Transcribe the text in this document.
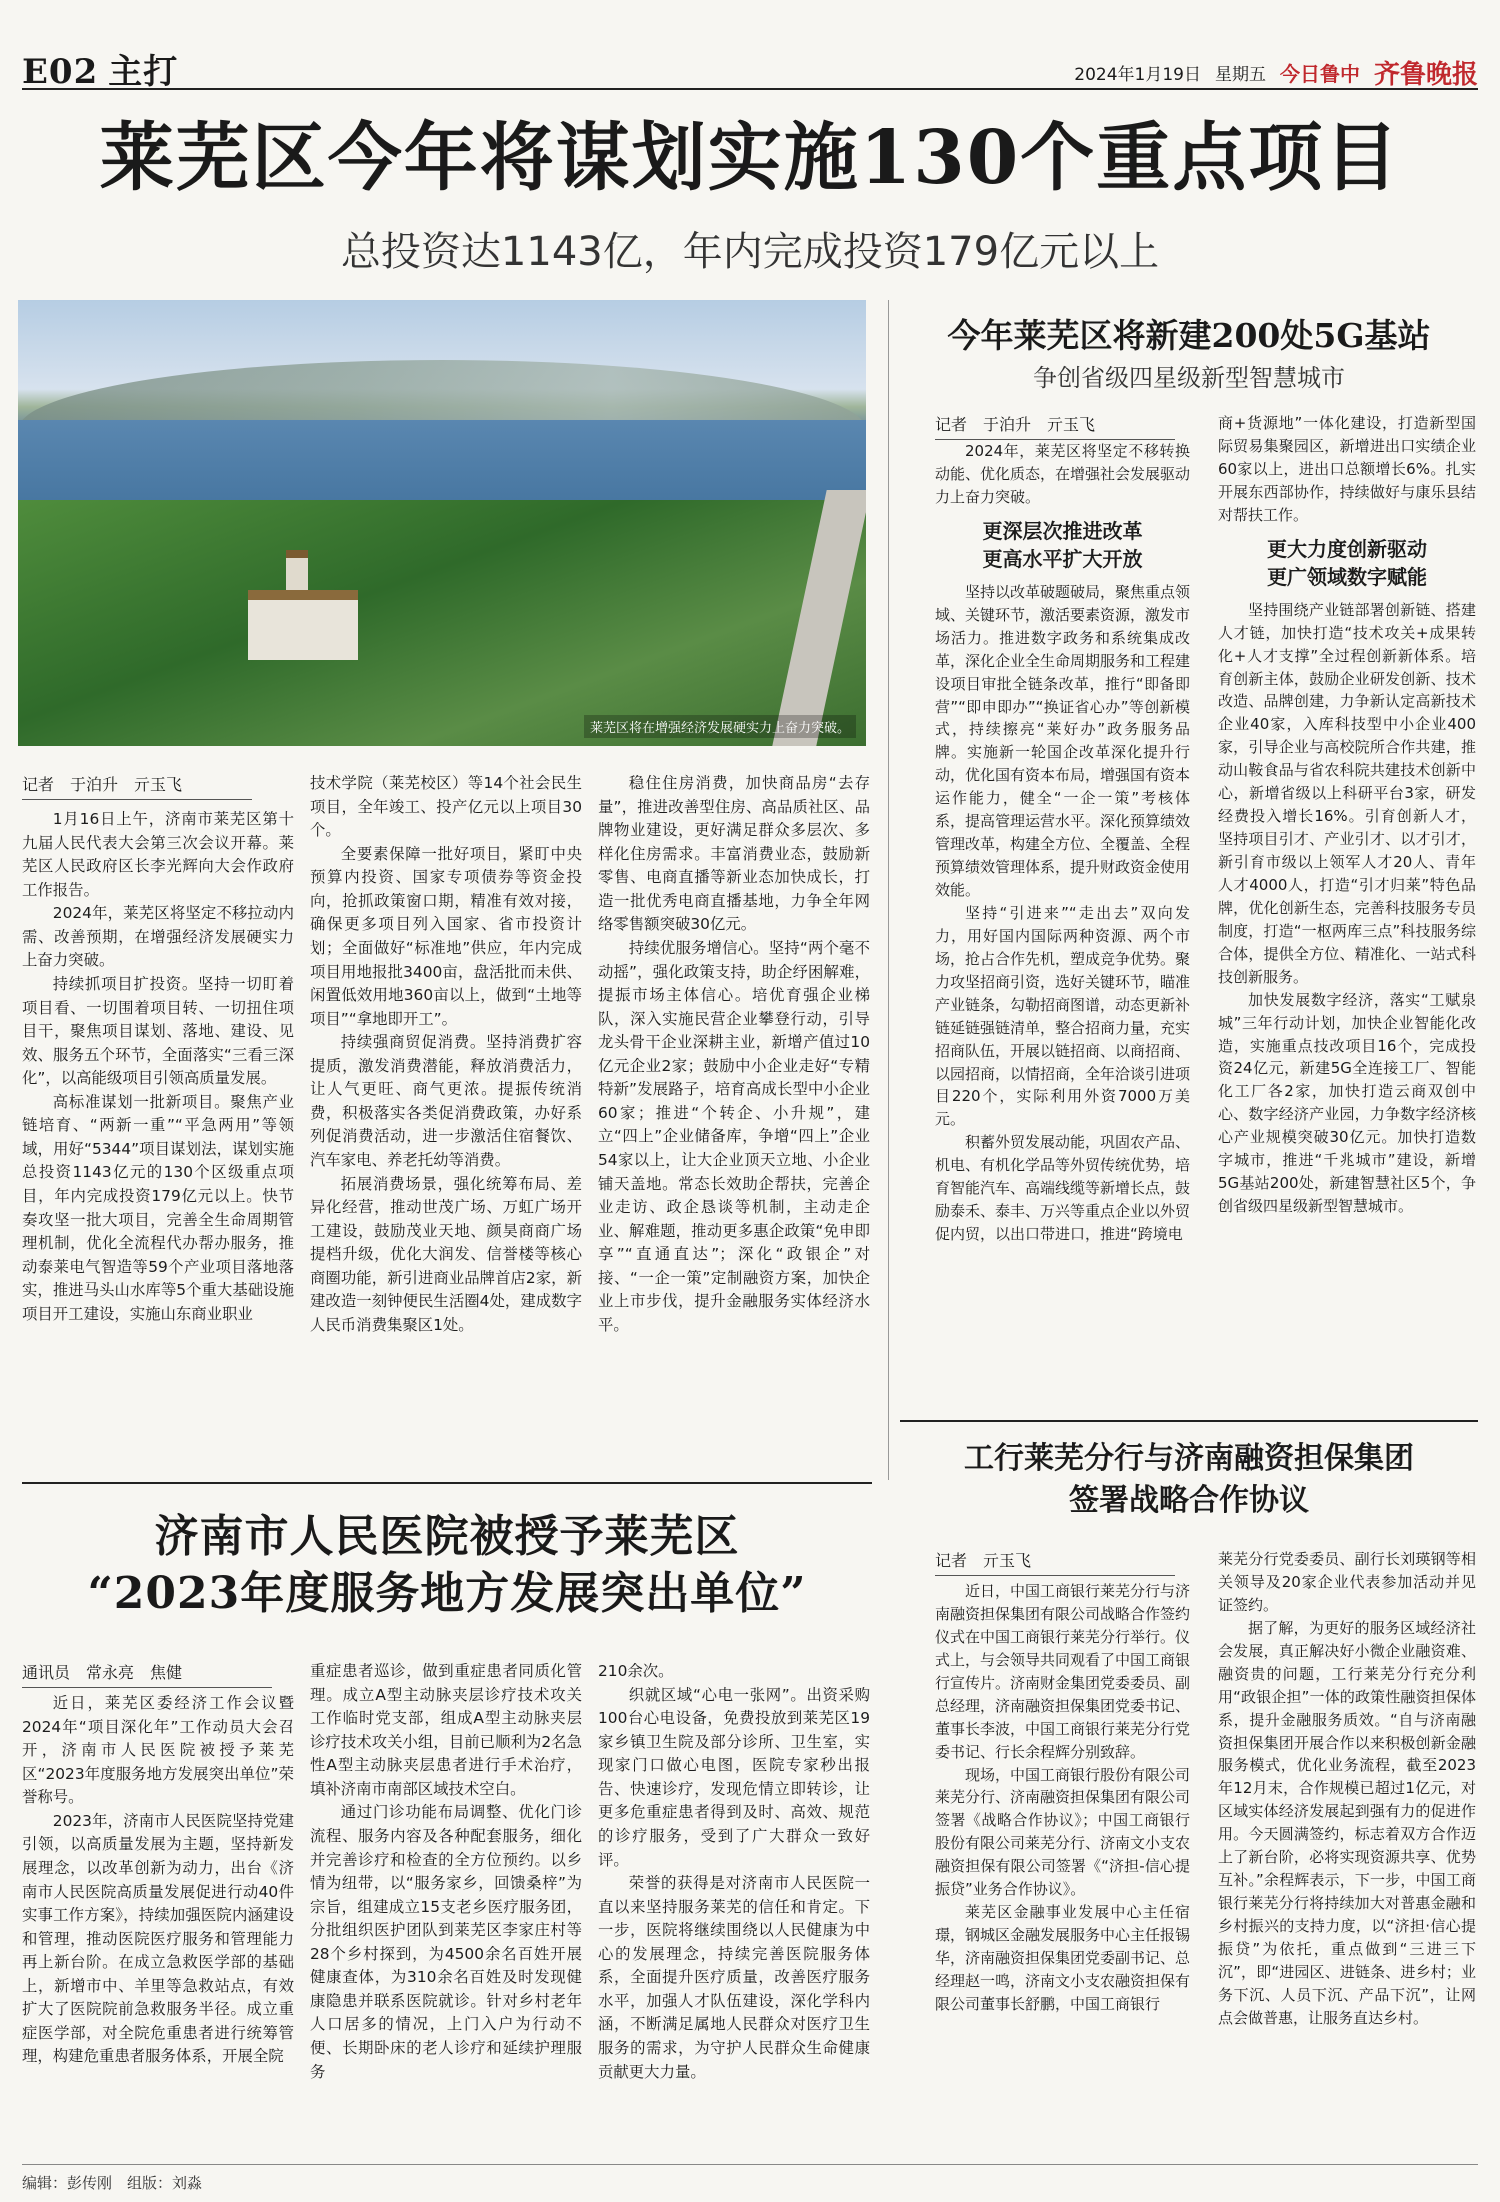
E02 主打	2024年1月19日 星期五 今日鲁中 齐鲁晚报
莱芜区今年将谋划实施130个重点项目
总投资达1143亿，年内完成投资179亿元以上
莱芜区将在增强经济发展硬实力上奋力突破。
记者　于泊升　亓玉飞

1月16日上午，济南市莱芜区第十九届人民代表大会第三次会议开幕。莱芜区人民政府区长李光辉向大会作政府工作报告。

2024年，莱芜区将坚定不移拉动内需、改善预期，在增强经济发展硬实力上奋力突破。

持续抓项目扩投资。坚持一切盯着项目看、一切围着项目转、一切扭住项目干，聚焦项目谋划、落地、建设、见效、服务五个环节，全面落实“三看三深化”，以高能级项目引领高质量发展。

高标准谋划一批新项目。聚焦产业链培育、“两新一重”“平急两用”等领域，用好“5344”项目谋划法，谋划实施总投资1143亿元的130个区级重点项目，年内完成投资179亿元以上。快节奏攻坚一批大项目，完善全生命周期管理机制，优化全流程代办帮办服务，推动泰莱电气智造等59个产业项目落地落实，推进马头山水库等5个重大基础设施项目开工建设，实施山东商业职业

技术学院（莱芜校区）等14个社会民生项目，全年竣工、投产亿元以上项目30个。

全要素保障一批好项目，紧盯中央预算内投资、国家专项债券等资金投向，抢抓政策窗口期，精准有效对接，确保更多项目列入国家、省市投资计划；全面做好“标准地”供应，年内完成项目用地报批3400亩，盘活批而未供、闲置低效用地360亩以上，做到“土地等项目”“拿地即开工”。

持续强商贸促消费。坚持消费扩容提质，激发消费潜能，释放消费活力，让人气更旺、商气更浓。提振传统消费，积极落实各类促消费政策，办好系列促消费活动，进一步激活住宿餐饮、汽车家电、养老托幼等消费。

拓展消费场景，强化统筹布局、差异化经营，推动世茂广场、万虹广场开工建设，鼓励茂业天地、颜昊商商广场提档升级，优化大润发、信誉楼等核心商圈功能，新引进商业品牌首店2家，新建改造一刻钟便民生活圈4处，建成数字人民币消费集聚区1处。

稳住住房消费，加快商品房“去存量”，推进改善型住房、高品质社区、品牌物业建设，更好满足群众多层次、多样化住房需求。丰富消费业态，鼓励新零售、电商直播等新业态加快成长，打造一批优秀电商直播基地，力争全年网络零售额突破30亿元。

持续优服务增信心。坚持“两个毫不动摇”，强化政策支持，助企纾困解难，提振市场主体信心。培优育强企业梯队，深入实施民营企业攀登行动，引导龙头骨干企业深耕主业，新增产值过10亿元企业2家；鼓励中小企业走好“专精特新”发展路子，培育高成长型中小企业60家；推进“个转企、小升规”，建立“四上”企业储备库，争增“四上”企业54家以上，让大企业顶天立地、小企业铺天盖地。常态长效助企帮扶，完善企业走访、政企恳谈等机制，主动走企业、解难题，推动更多惠企政策“免申即享”“直通直达”；深化“政银企”对接、“一企一策”定制融资方案，加快企业上市步伐，提升金融服务实体经济水平。

今年莱芜区将新建200处5G基站
争创省级四星级新型智慧城市
记者　于泊升　亓玉飞

2024年，莱芜区将坚定不移转换动能、优化质态，在增强社会发展驱动力上奋力突破。

更深层次推进改革
更高水平扩大开放

坚持以改革破题破局，聚焦重点领域、关键环节，激活要素资源，激发市场活力。推进数字政务和系统集成改革，深化企业全生命周期服务和工程建设项目审批全链条改革，推行“即备即营”“即申即办”“换证省心办”等创新模式，持续擦亮“莱好办”政务服务品牌。实施新一轮国企改革深化提升行动，优化国有资本布局，增强国有资本运作能力，健全“一企一策”考核体系，提高管理运营水平。深化预算绩效管理改革，构建全方位、全覆盖、全程预算绩效管理体系，提升财政资金使用效能。

坚持“引进来”“走出去”双向发力，用好国内国际两种资源、两个市场，抢占合作先机，塑成竞争优势。聚力攻坚招商引资，选好关键环节，瞄准产业链条，勾勒招商图谱，动态更新补链延链强链清单，整合招商力量，充实招商队伍，开展以链招商、以商招商、以园招商，以情招商，全年洽谈引进项目220个，实际利用外资7000万美元。

积蓄外贸发展动能，巩固农产品、机电、有机化学品等外贸传统优势，培育智能汽车、高端线缆等新增长点，鼓励泰禾、泰丰、万兴等重点企业以外贸促内贸，以出口带进口，推进“跨境电

商+货源地”一体化建设，打造新型国际贸易集聚园区，新增进出口实绩企业60家以上，进出口总额增长6%。扎实开展东西部协作，持续做好与康乐县结对帮扶工作。

更大力度创新驱动
更广领域数字赋能

坚持围绕产业链部署创新链、搭建人才链，加快打造“技术攻关+成果转化+人才支撑”全过程创新新体系。培育创新主体，鼓励企业研发创新、技术改造、品牌创建，力争新认定高新技术企业40家，入库科技型中小企业400家，引导企业与高校院所合作共建，推动山鞍食品与省农科院共建技术创新中心，新增省级以上科研平台3家，研发经费投入增长16%。引育创新人才，坚持项目引才、产业引才、以才引才，新引育市级以上领军人才20人、青年人才4000人，打造“引才归莱”特色品牌，优化创新生态，完善科技服务专员制度，打造“一枢两库三点”科技服务综合体，提供全方位、精准化、一站式科技创新服务。

加快发展数字经济，落实“工赋泉城”三年行动计划，加快企业智能化改造，实施重点技改项目16个，完成投资24亿元，新建5G全连接工厂、智能化工厂各2家，加快打造云商双创中心、数字经济产业园，力争数字经济核心产业规模突破30亿元。加快打造数字城市，推进“千兆城市”建设，新增5G基站200处，新建智慧社区5个，争创省级四星级新型智慧城市。

工行莱芜分行与济南融资担保集团
签署战略合作协议
记者　亓玉飞

近日，中国工商银行莱芜分行与济南融资担保集团有限公司战略合作签约仪式在中国工商银行莱芜分行举行。仪式上，与会领导共同观看了中国工商银行宣传片。济南财金集团党委委员、副总经理，济南融资担保集团党委书记、董事长李波，中国工商银行莱芜分行党委书记、行长余程辉分别致辞。

现场，中国工商银行股份有限公司莱芜分行、济南融资担保集团有限公司签署《战略合作协议》；中国工商银行股份有限公司莱芜分行、济南文小支农融资担保有限公司签署《“济担-信心提振贷”业务合作协议》。

莱芜区金融事业发展中心主任宿璟，钢城区金融发展服务中心主任报锡华，济南融资担保集团党委副书记、总经理赵一鸣，济南文小支农融资担保有限公司董事长舒鹏，中国工商银行

莱芜分行党委委员、副行长刘瑛钢等相关领导及20家企业代表参加活动并见证签约。

据了解，为更好的服务区域经济社会发展，真正解决好小微企业融资难、融资贵的问题，工行莱芜分行充分利用“政银企担”一体的政策性融资担保体系，提升金融服务质效。“自与济南融资担保集团开展合作以来积极创新金融服务模式，优化业务流程，截至2023年12月末，合作规模已超过1亿元，对区域实体经济发展起到强有力的促进作用。今天圆满签约，标志着双方合作迈上了新台阶，必将实现资源共享、优势互补。”余程辉表示，下一步，中国工商银行莱芜分行将持续加大对普惠金融和乡村振兴的支持力度，以“济担·信心提振贷”为依托，重点做到“三进三下沉”，即“进园区、进链条、进乡村；业务下沉、人员下沉、产品下沉”，让网点会做普惠，让服务直达乡村。

济南市人民医院被授予莱芜区
“2023年度服务地方发展突出单位”
通讯员　常永亮　焦健

近日，莱芜区委经济工作会议暨2024年“项目深化年”工作动员大会召开，济南市人民医院被授予莱芜区“2023年度服务地方发展突出单位”荣誉称号。

2023年，济南市人民医院坚持党建引领，以高质量发展为主题，坚持新发展理念，以改革创新为动力，出台《济南市人民医院高质量发展促进行动40件实事工作方案》，持续加强医院内涵建设和管理，推动医院医疗服务和管理能力再上新台阶。在成立急救医学部的基础上，新增市中、羊里等急救站点，有效扩大了医院院前急救服务半径。成立重症医学部，对全院危重患者进行统筹管理，构建危重患者服务体系，开展全院

重症患者巡诊，做到重症患者同质化管理。成立A型主动脉夹层诊疗技术攻关工作临时党支部，组成A型主动脉夹层诊疗技术攻关小组，目前已顺利为2名急性A型主动脉夹层患者进行手术治疗，填补济南市南部区域技术空白。

通过门诊功能布局调整、优化门诊流程、服务内容及各种配套服务，细化并完善诊疗和检查的全方位预约。以乡情为纽带，以“服务家乡，回馈桑梓”为宗旨，组建成立15支老乡医疗服务团，分批组织医护团队到莱芜区李家庄村等28个乡村探到，为4500余名百姓开展健康查体，为310余名百姓及时发现健康隐患并联系医院就诊。针对乡村老年人口居多的情况，上门入户为行动不便、长期卧床的老人诊疗和延续护理服务

210余次。

织就区域“心电一张网”。出资采购100台心电设备，免费投放到莱芜区19家乡镇卫生院及部分诊所、卫生室，实现家门口做心电图，医院专家秒出报告、快速诊疗，发现危情立即转诊，让更多危重症患者得到及时、高效、规范的诊疗服务，受到了广大群众一致好评。

荣誉的获得是对济南市人民医院一直以来坚持服务莱芜的信任和肯定。下一步，医院将继续围绕以人民健康为中心的发展理念，持续完善医院服务体系，全面提升医疗质量，改善医疗服务水平，加强人才队伍建设，深化学科内涵，不断满足属地人民群众对医疗卫生服务的需求，为守护人民群众生命健康贡献更大力量。

编辑：彭传刚　组版：刘淼
